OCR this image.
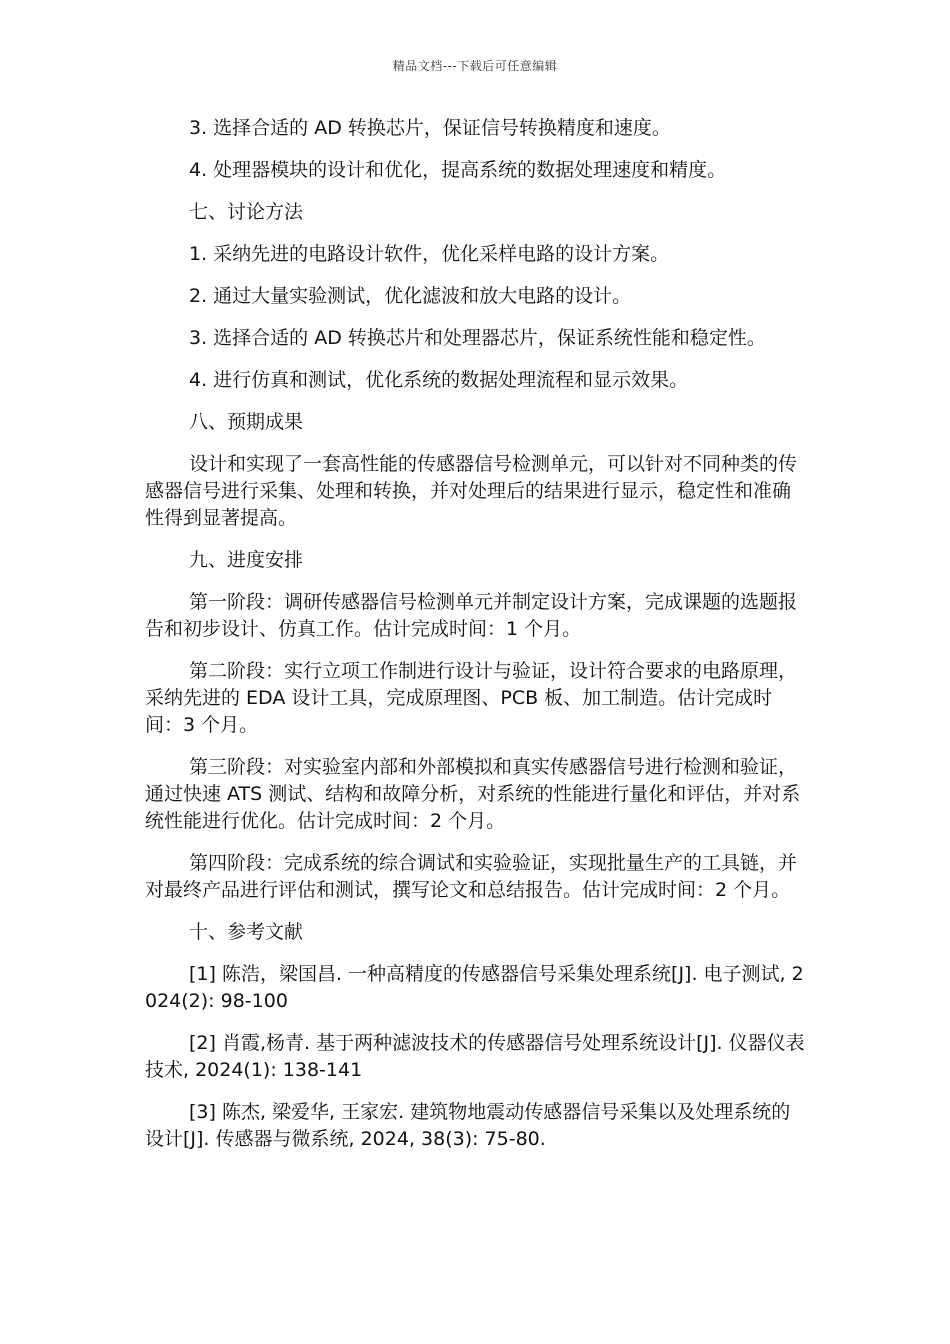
精品文档---下载后可任意编辑

3. 选择合适的 AD 转换芯片，保证信号转换精度和速度。

4. 处理器模块的设计和优化，提高系统的数据处理速度和精度。

七、讨论方法

1. 采纳先进的电路设计软件，优化采样电路的设计方案。

2. 通过大量实验测试，优化滤波和放大电路的设计。

3. 选择合适的 AD 转换芯片和处理器芯片，保证系统性能和稳定性。

4. 进行仿真和测试，优化系统的数据处理流程和显示效果。

八、预期成果

设计和实现了一套高性能的传感器信号检测单元，可以针对不同种类的传感器信号进行采集、处理和转换，并对处理后的结果进行显示，稳定性和准确性得到显著提高。

九、进度安排

第一阶段：调研传感器信号检测单元并制定设计方案，完成课题的选题报告和初步设计、仿真工作。估计完成时间：1 个月。

第二阶段：实行立项工作制进行设计与验证，设计符合要求的电路原理，采纳先进的 EDA 设计工具，完成原理图、PCB 板、加工制造。估计完成时间：3 个月。

第三阶段：对实验室内部和外部模拟和真实传感器信号进行检测和验证，通过快速 ATS 测试、结构和故障分析，对系统的性能进行量化和评估，并对系统性能进行优化。估计完成时间：2 个月。

第四阶段：完成系统的综合调试和实验验证，实现批量生产的工具链，并对最终产品进行评估和测试，撰写论文和总结报告。估计完成时间：2 个月。

十、参考文献

[1] 陈浩，梁国昌. 一种高精度的传感器信号采集处理系统[J]. 电子测试, 2024(2): 98-100

[2] 肖霞,杨青. 基于两种滤波技术的传感器信号处理系统设计[J]. 仪器仪表技术, 2024(1): 138-141

[3] 陈杰, 梁爱华, 王家宏. 建筑物地震动传感器信号采集以及处理系统的设计[J]. 传感器与微系统, 2024, 38(3): 75-80.
